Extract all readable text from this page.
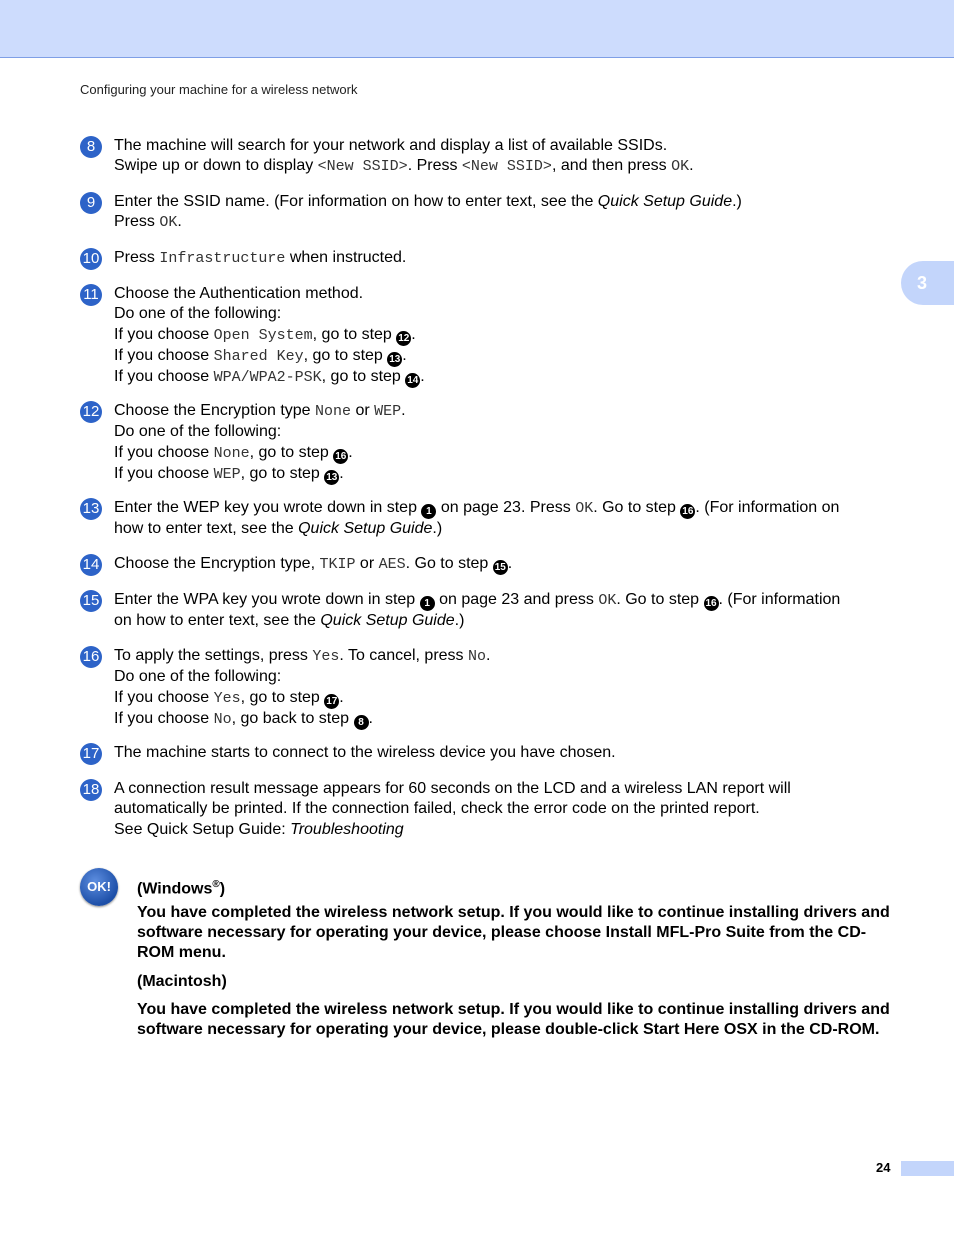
Configuring your machine for a wireless network
3
8	The machine will search for your network and display a list of available SSIDs.
Swipe up or down to display <New SSID>. Press <New SSID>, and then press OK.
9	Enter the SSID name. (For information on how to enter text, see the Quick Setup Guide.)
Press OK.
10 Press Infrastructure when instructed.
11 Choose the Authentication method.
Do one of the following:
If you choose Open System, go to step 12 .
If you choose Shared Key, go to step 13 .
If you choose WPA/WPA2-PSK, go to step 14 .
12 Choose the Encryption type None or WEP.
Do one of the following:
If you choose None, go to step 16 .
If you choose WEP, go to step 13 .
13 Enter the WEP key you wrote down in step 1 on page 23. Press OK. Go to step 16 . (For information on
how to enter text, see the Quick Setup Guide.)
14 Choose the Encryption type, TKIP or AES. Go to step 15 .
15 Enter the WPA key you wrote down in step 1 on page 23 and press OK. Go to step 16 . (For information
on how to enter text, see the Quick Setup Guide.)
16 To apply the settings, press Yes. To cancel, press No.
Do one of the following:
If you choose Yes, go to step 17 .
If you choose No, go back to step 8 .
17 The machine starts to connect to the wireless device you have chosen.
18 A connection result message appears for 60 seconds on the LCD and a wireless LAN report will
automatically be printed. If the connection failed, check the error code on the printed report.
See Quick Setup Guide: Troubleshooting
OK!	(Windows®)
You have completed the wireless network setup. If you would like to continue installing drivers and software necessary for operating your device, please choose Install MFL-Pro Suite from the CD-ROM menu.
(Macintosh)
You have completed the wireless network setup. If you would like to continue installing drivers and software necessary for operating your device, please double-click Start Here OSX in the CD-ROM.
24
